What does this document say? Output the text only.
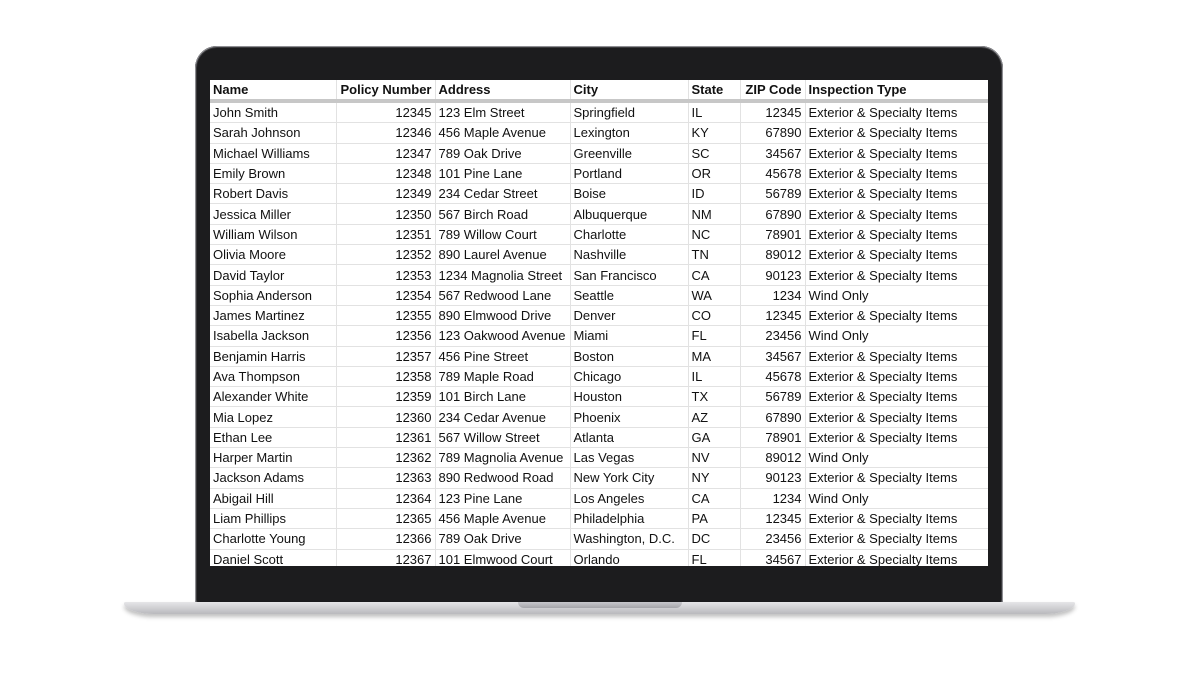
Name	Policy Number	Address	City	State	ZIP Code	Inspection Type
John Smith	12345	123 Elm Street	Springfield	IL	12345	Exterior & Specialty Items
Sarah Johnson	12346	456 Maple Avenue	Lexington	KY	67890	Exterior & Specialty Items
Michael Williams	12347	789 Oak Drive	Greenville	SC	34567	Exterior & Specialty Items
Emily Brown	12348	101 Pine Lane	Portland	OR	45678	Exterior & Specialty Items
Robert Davis	12349	234 Cedar Street	Boise	ID	56789	Exterior & Specialty Items
Jessica Miller	12350	567 Birch Road	Albuquerque	NM	67890	Exterior & Specialty Items
William Wilson	12351	789 Willow Court	Charlotte	NC	78901	Exterior & Specialty Items
Olivia Moore	12352	890 Laurel Avenue	Nashville	TN	89012	Exterior & Specialty Items
David Taylor	12353	1234 Magnolia Street	San Francisco	CA	90123	Exterior & Specialty Items
Sophia Anderson	12354	567 Redwood Lane	Seattle	WA	1234	Wind Only
James Martinez	12355	890 Elmwood Drive	Denver	CO	12345	Exterior & Specialty Items
Isabella Jackson	12356	123 Oakwood Avenue	Miami	FL	23456	Wind Only
Benjamin Harris	12357	456 Pine Street	Boston	MA	34567	Exterior & Specialty Items
Ava Thompson	12358	789 Maple Road	Chicago	IL	45678	Exterior & Specialty Items
Alexander White	12359	101 Birch Lane	Houston	TX	56789	Exterior & Specialty Items
Mia Lopez	12360	234 Cedar Avenue	Phoenix	AZ	67890	Exterior & Specialty Items
Ethan Lee	12361	567 Willow Street	Atlanta	GA	78901	Exterior & Specialty Items
Harper Martin	12362	789 Magnolia Avenue	Las Vegas	NV	89012	Wind Only
Jackson Adams	12363	890 Redwood Road	New York City	NY	90123	Exterior & Specialty Items
Abigail Hill	12364	123 Pine Lane	Los Angeles	CA	1234	Wind Only
Liam Phillips	12365	456 Maple Avenue	Philadelphia	PA	12345	Exterior & Specialty Items
Charlotte Young	12366	789 Oak Drive	Washington, D.C.	DC	23456	Exterior & Specialty Items
Daniel Scott	12367	101 Elmwood Court	Orlando	FL	34567	Exterior & Specialty Items
